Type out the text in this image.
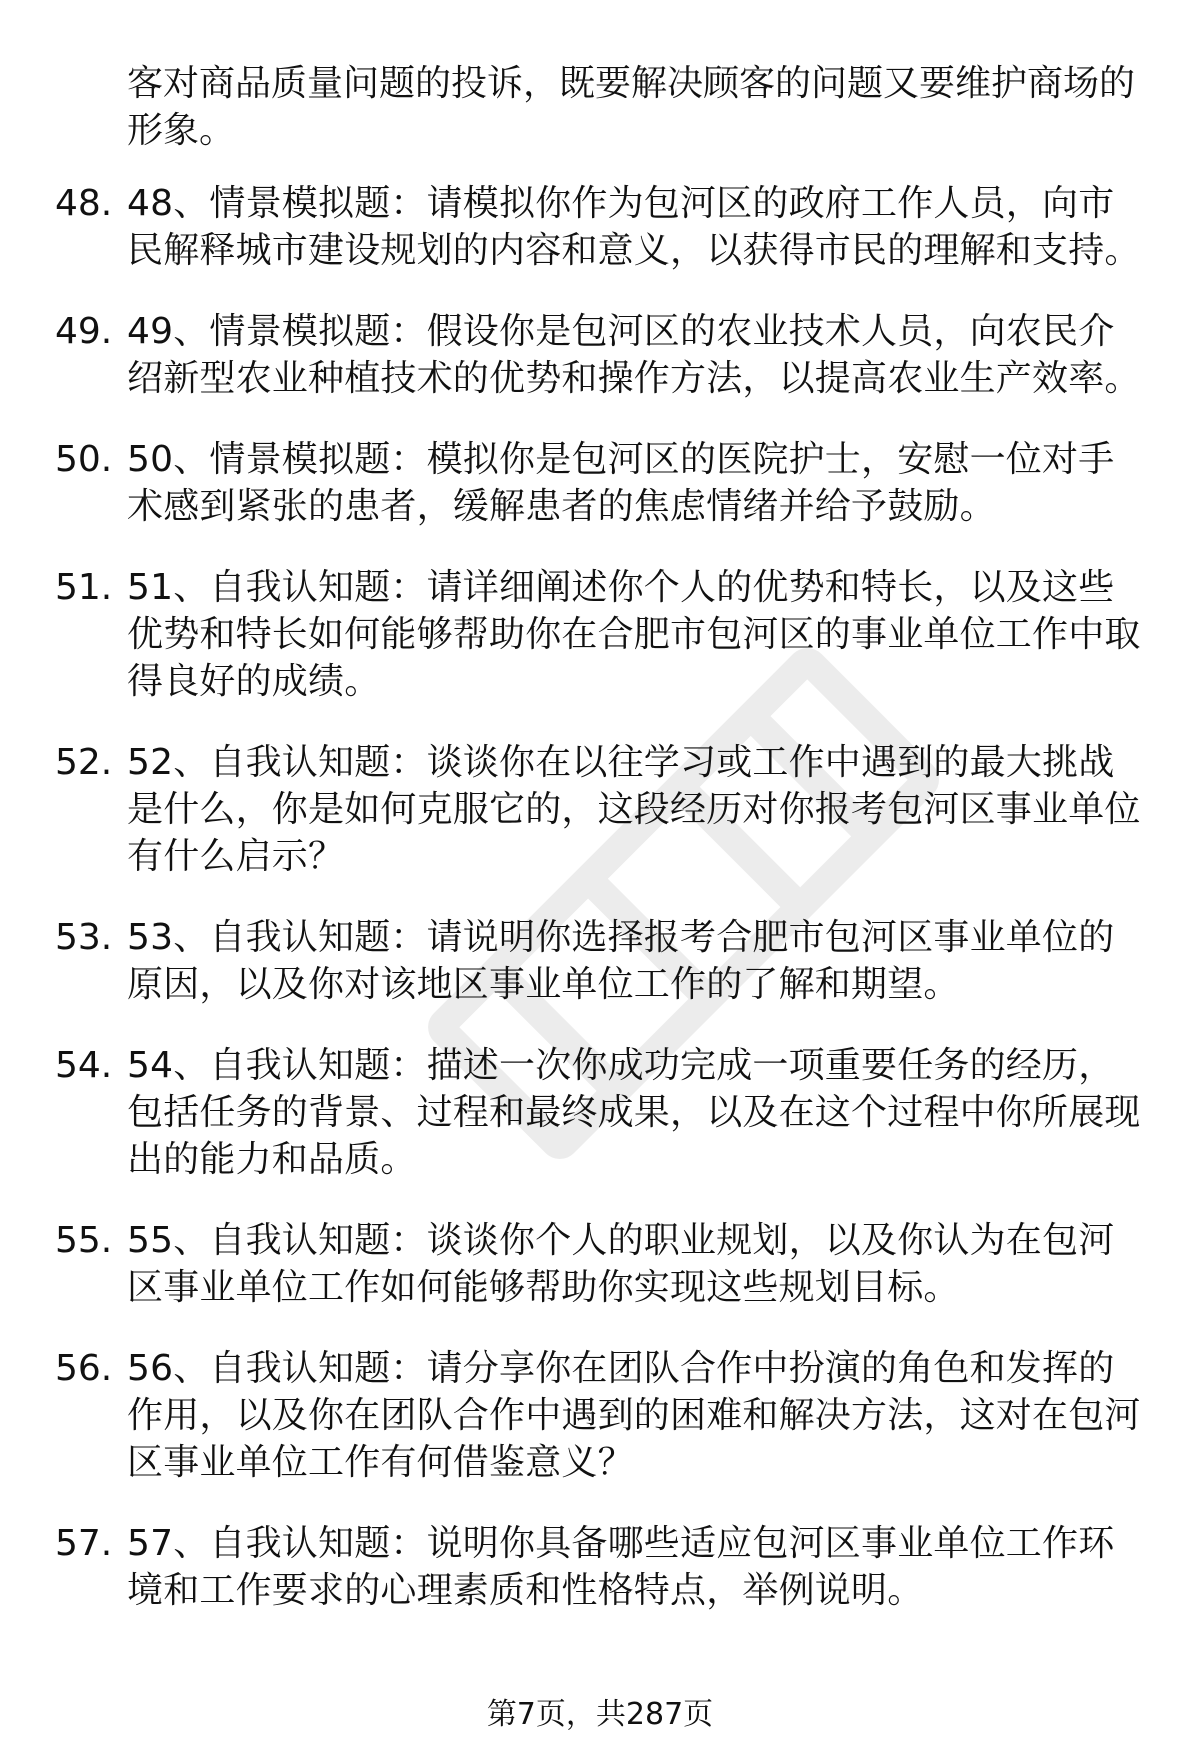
客对商品质量问题的投诉，既要解决顾客的问题又要维护商场的形象。

48. 48、情景模拟题：请模拟你作为包河区的政府工作人员，向市民解释城市建设规划的内容和意义，以获得市民的理解和支持。
49. 49、情景模拟题：假设你是包河区的农业技术人员，向农民介绍新型农业种植技术的优势和操作方法，以提高农业生产效率。
50. 50、情景模拟题：模拟你是包河区的医院护士，安慰一位对手术感到紧张的患者，缓解患者的焦虑情绪并给予鼓励。
51. 51、自我认知题：请详细阐述你个人的优势和特长，以及这些优势和特长如何能够帮助你在合肥市包河区的事业单位工作中取得良好的成绩。
52. 52、自我认知题：谈谈你在以往学习或工作中遇到的最大挑战是什么，你是如何克服它的，这段经历对你报考包河区事业单位有什么启示？
53. 53、自我认知题：请说明你选择报考合肥市包河区事业单位的原因，以及你对该地区事业单位工作的了解和期望。
54. 54、自我认知题：描述一次你成功完成一项重要任务的经历，包括任务的背景、过程和最终成果，以及在这个过程中你所展现出的能力和品质。
55. 55、自我认知题：谈谈你个人的职业规划，以及你认为在包河区事业单位工作如何能够帮助你实现这些规划目标。
56. 56、自我认知题：请分享你在团队合作中扮演的角色和发挥的作用，以及你在团队合作中遇到的困难和解决方法，这对在包河区事业单位工作有何借鉴意义？
57. 57、自我认知题：说明你具备哪些适应包河区事业单位工作环境和工作要求的心理素质和性格特点，举例说明。
第7页，共287页
